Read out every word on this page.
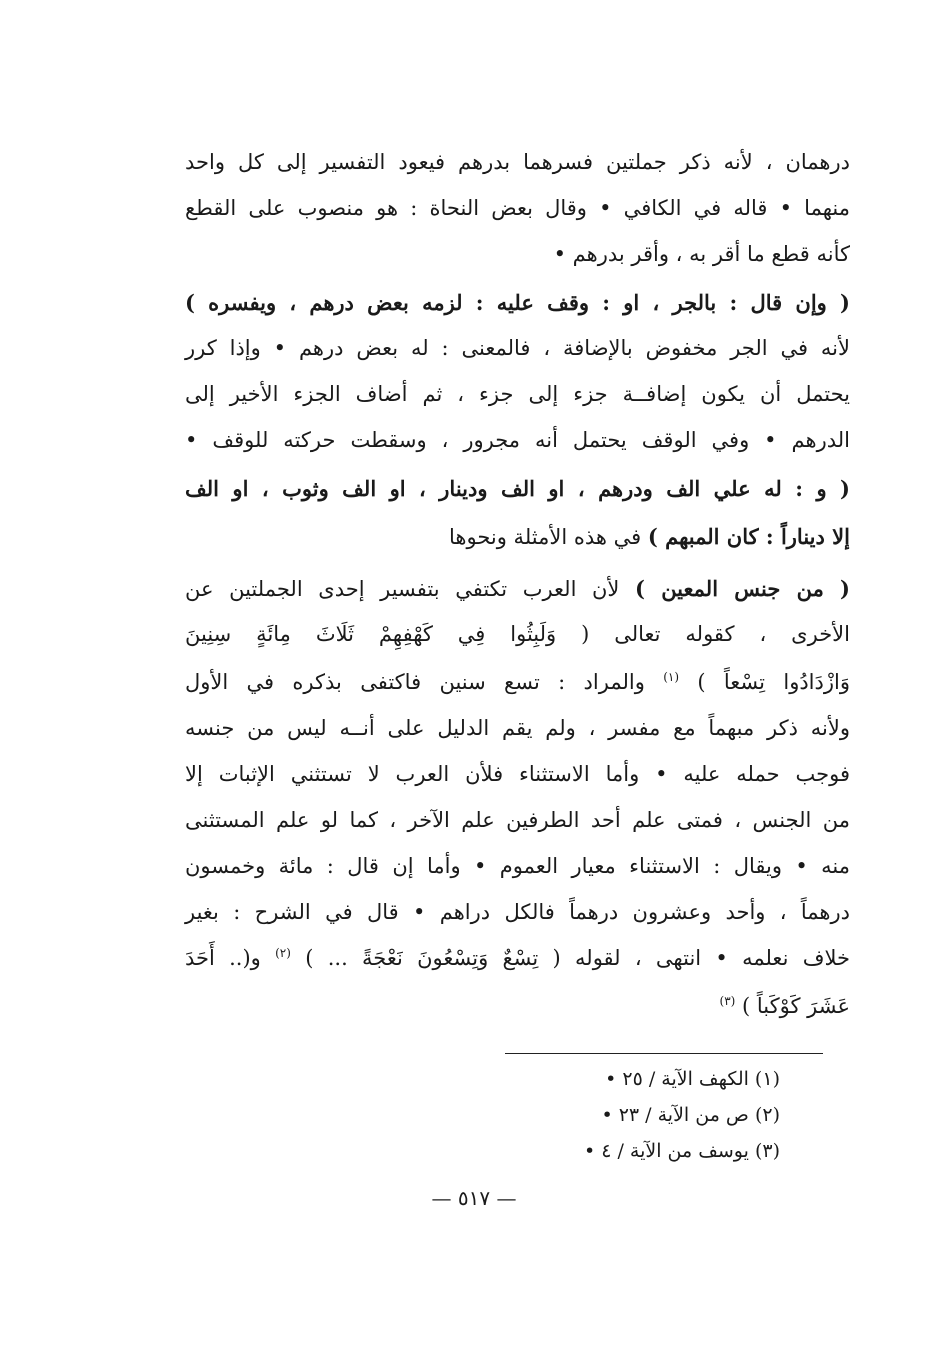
درهمان ، لأنه ذكر جملتين فسرهما بدرهم فيعود التفسير إلى كل واحد
منهما • قاله في الكافي • وقال بعض النحاة : هو منصوب على القطع
كأنه قطع ما أقر به ، وأقر بدرهم •
( وإن قال : بالجر ، او : وقف عليه : لزمه بعض درهم ، ويفسره )
لأنه في الجر مخفوض بالإضافة ، فالمعنى : له بعض درهم • وإذا كرر
يحتمل أن يكون إضافــة جزء إلى جزء ، ثم أضاف الجزء الأخير إلى
الدرهم • وفي الوقف يحتمل أنه مجرور ، وسقطت حركته للوقف •
( و : له علي الف ودرهم ، او الف ودينار ، او الف وثوب ، او الف
إلا ديناراً : كان المبهم ) في هذه الأمثلة ونحوها
( من جنس المعين ) لأن العرب تكتفي بتفسير إحدى الجملتين عن
الأخرى ، كقوله تعالى ( وَلَبِثُوا فِي كَهْفِهِمْ ثَلَاثَ مِائَةٍ سِنِينَ
وَازْدَادُوا تِسْعاً ) $^{(١)}$ والمراد : تسع سنين فاكتفى بذكره في الأول
ولأنه ذكر مبهماً مع مفسر ، ولم يقم الدليل على أنــه ليس من جنسه
فوجب حمله عليه • وأما الاستثناء فلأن العرب لا تستثني الإثبات إلا
من الجنس ، فمتى علم أحد الطرفين علم الآخر ، كما لو علم المستثنى
منه • ويقال : الاستثناء معيار العموم • وأما إن قال : مائة وخمسون
درهماً ، وأحد وعشرون درهماً فالكل دراهم • قال في الشرح : بغير
خلاف نعلمه • انتهى ، لقوله ( تِسْعٌ وَتِسْعُونَ نَعْجَةً ... ) $^{(٢)}$ و(.. أَحَدَ
عَشَرَ كَوْكَباً ) $^{(٣)}$
(١) الكهف الآية / ٢٥ •
(٢) ص من الآية / ٢٣ •
(٣) يوسف من الآية / ٤ •
— ٥١٧ —
